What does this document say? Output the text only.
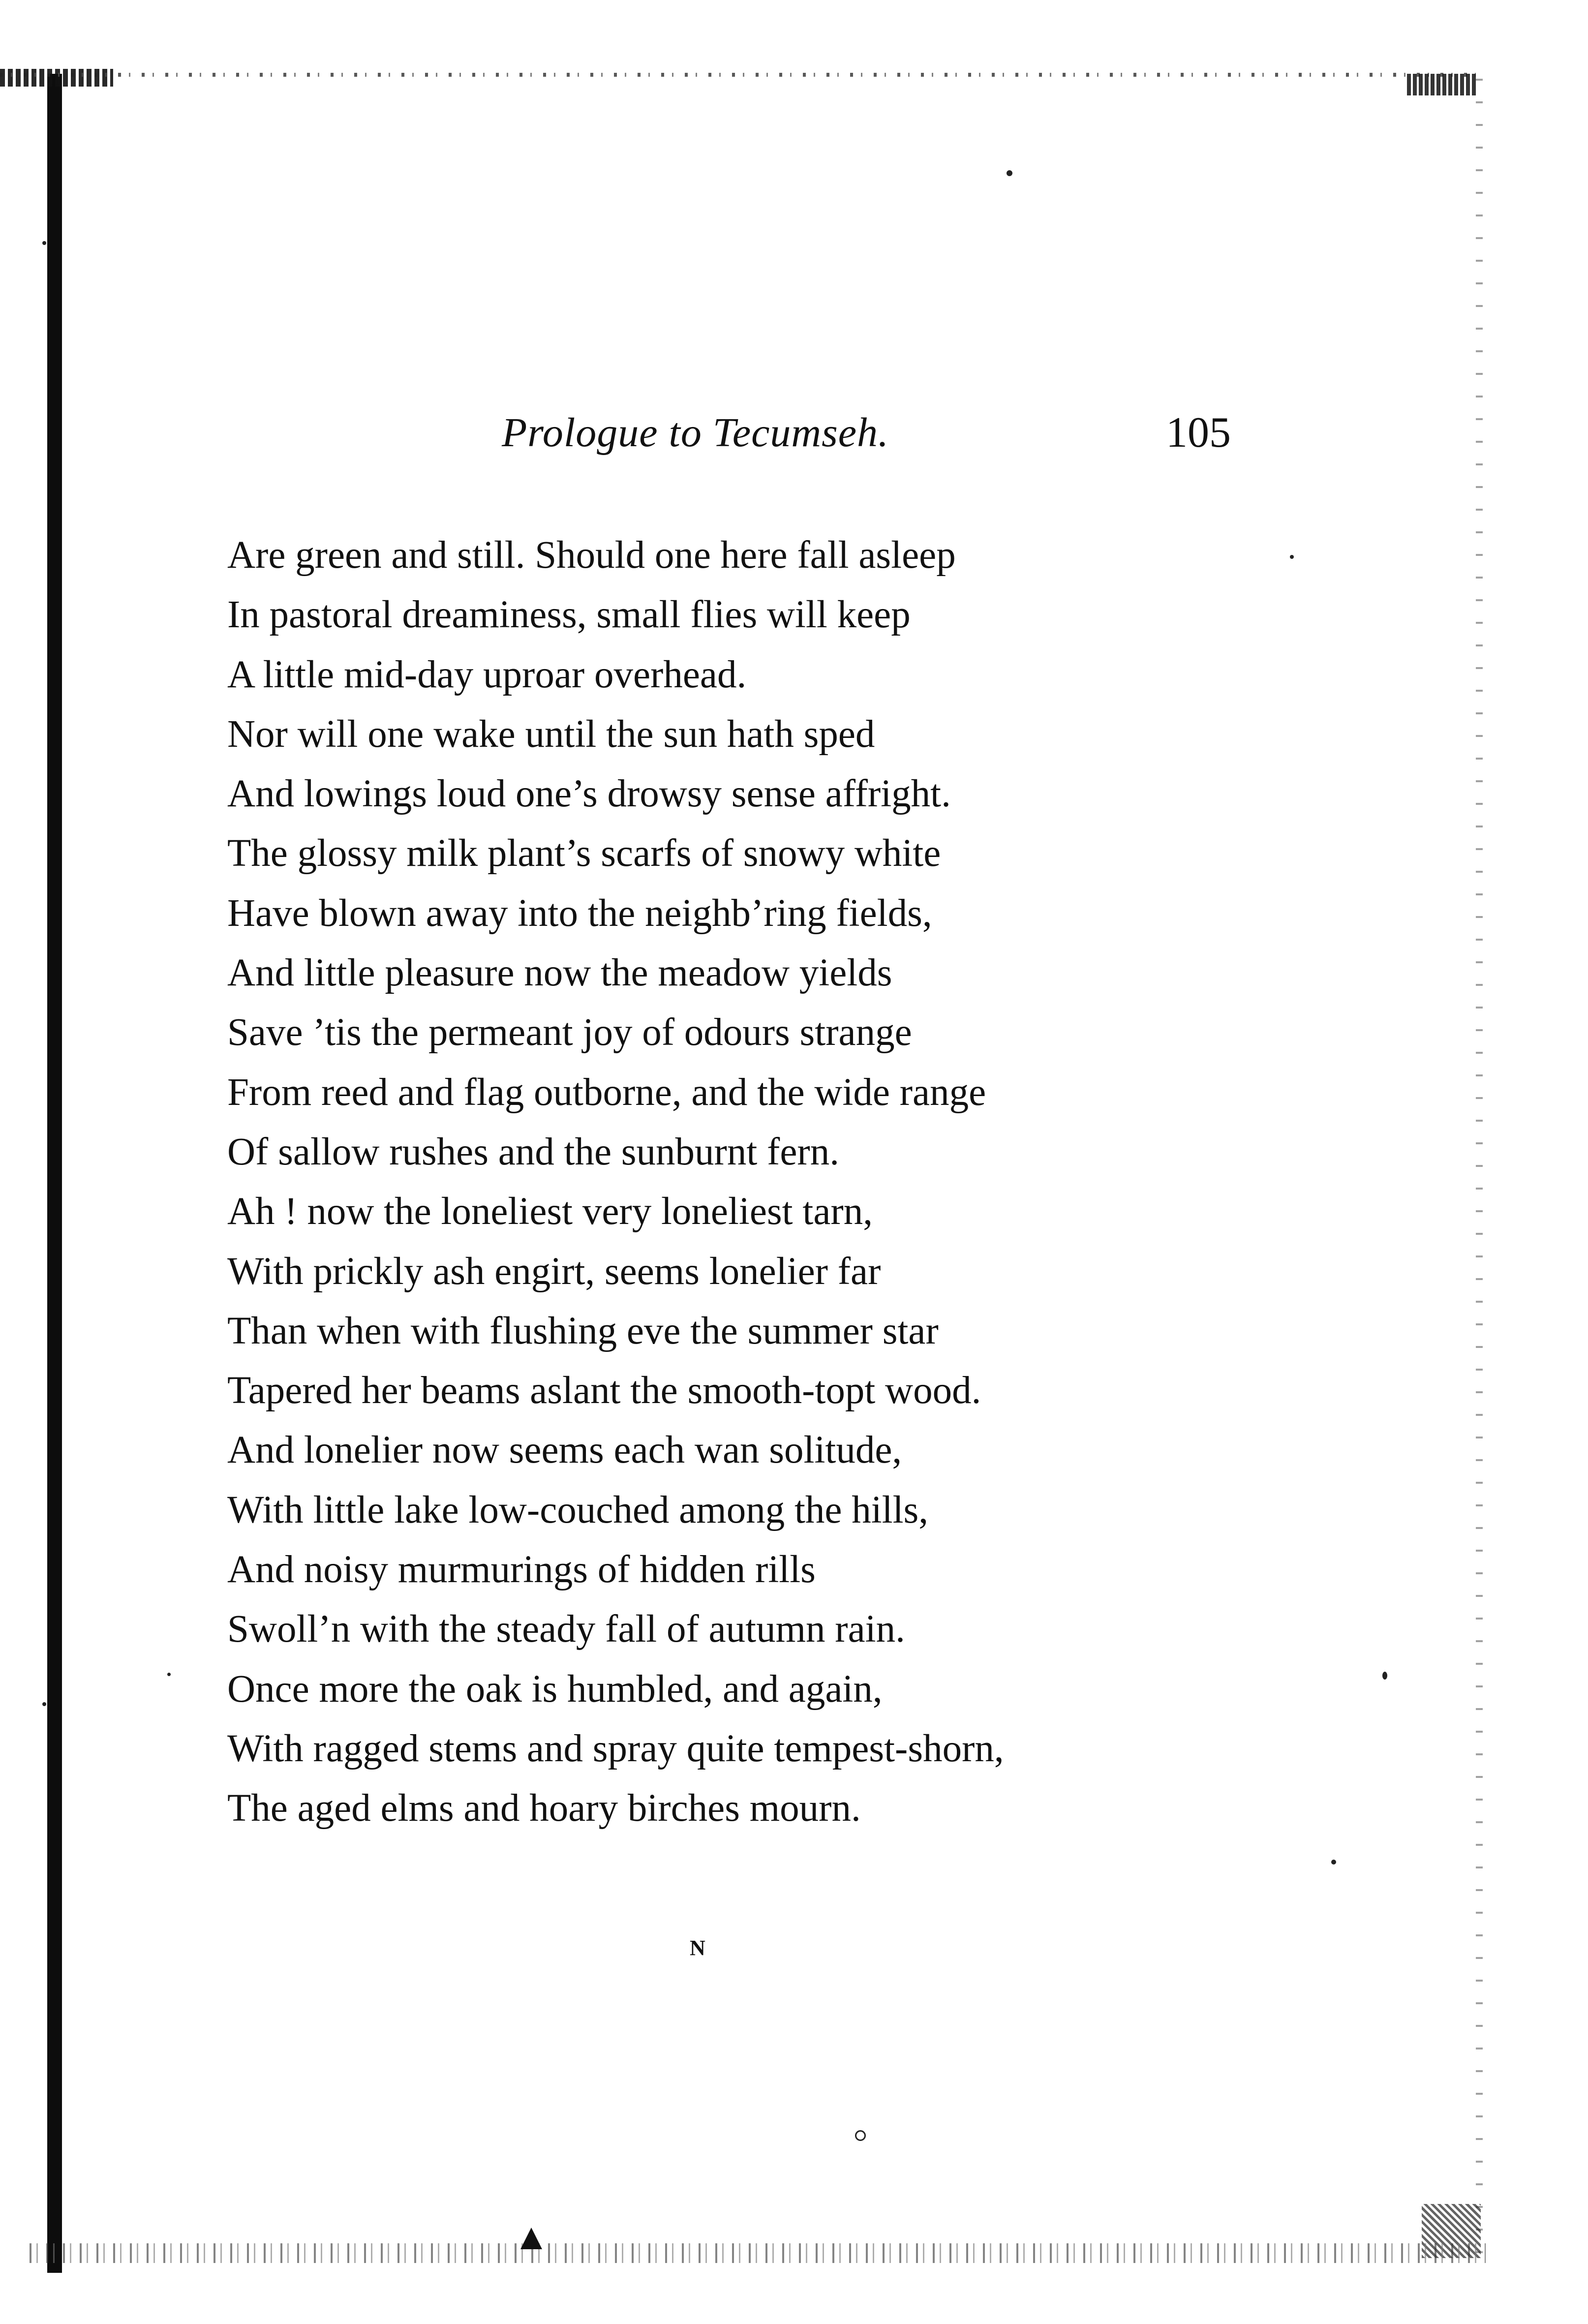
Prologue to Tecumseh.	105
Are green and still. Should one here fall asleep
In pastoral dreaminess, small flies will keep
A little mid-day uproar overhead.
Nor will one wake until the sun hath sped
And lowings loud one’s drowsy sense affright.
The glossy milk plant’s scarfs of snowy white
Have blown away into the neighb’ring fields,
And little pleasure now the meadow yields
Save ’tis the permeant joy of odours strange
From reed and flag outborne, and the wide range
Of sallow rushes and the sunburnt fern.
Ah ! now the loneliest very loneliest tarn,
With prickly ash engirt, seems lonelier far
Than when with flushing eve the summer star
Tapered her beams aslant the smooth-topt wood.
And lonelier now seems each wan solitude,
With little lake low-couched among the hills,
And noisy murmurings of hidden rills
Swoll’n with the steady fall of autumn rain.
Once more the oak is humbled, and again,
With ragged stems and spray quite tempest-shorn,
The aged elms and hoary birches mourn.
N
